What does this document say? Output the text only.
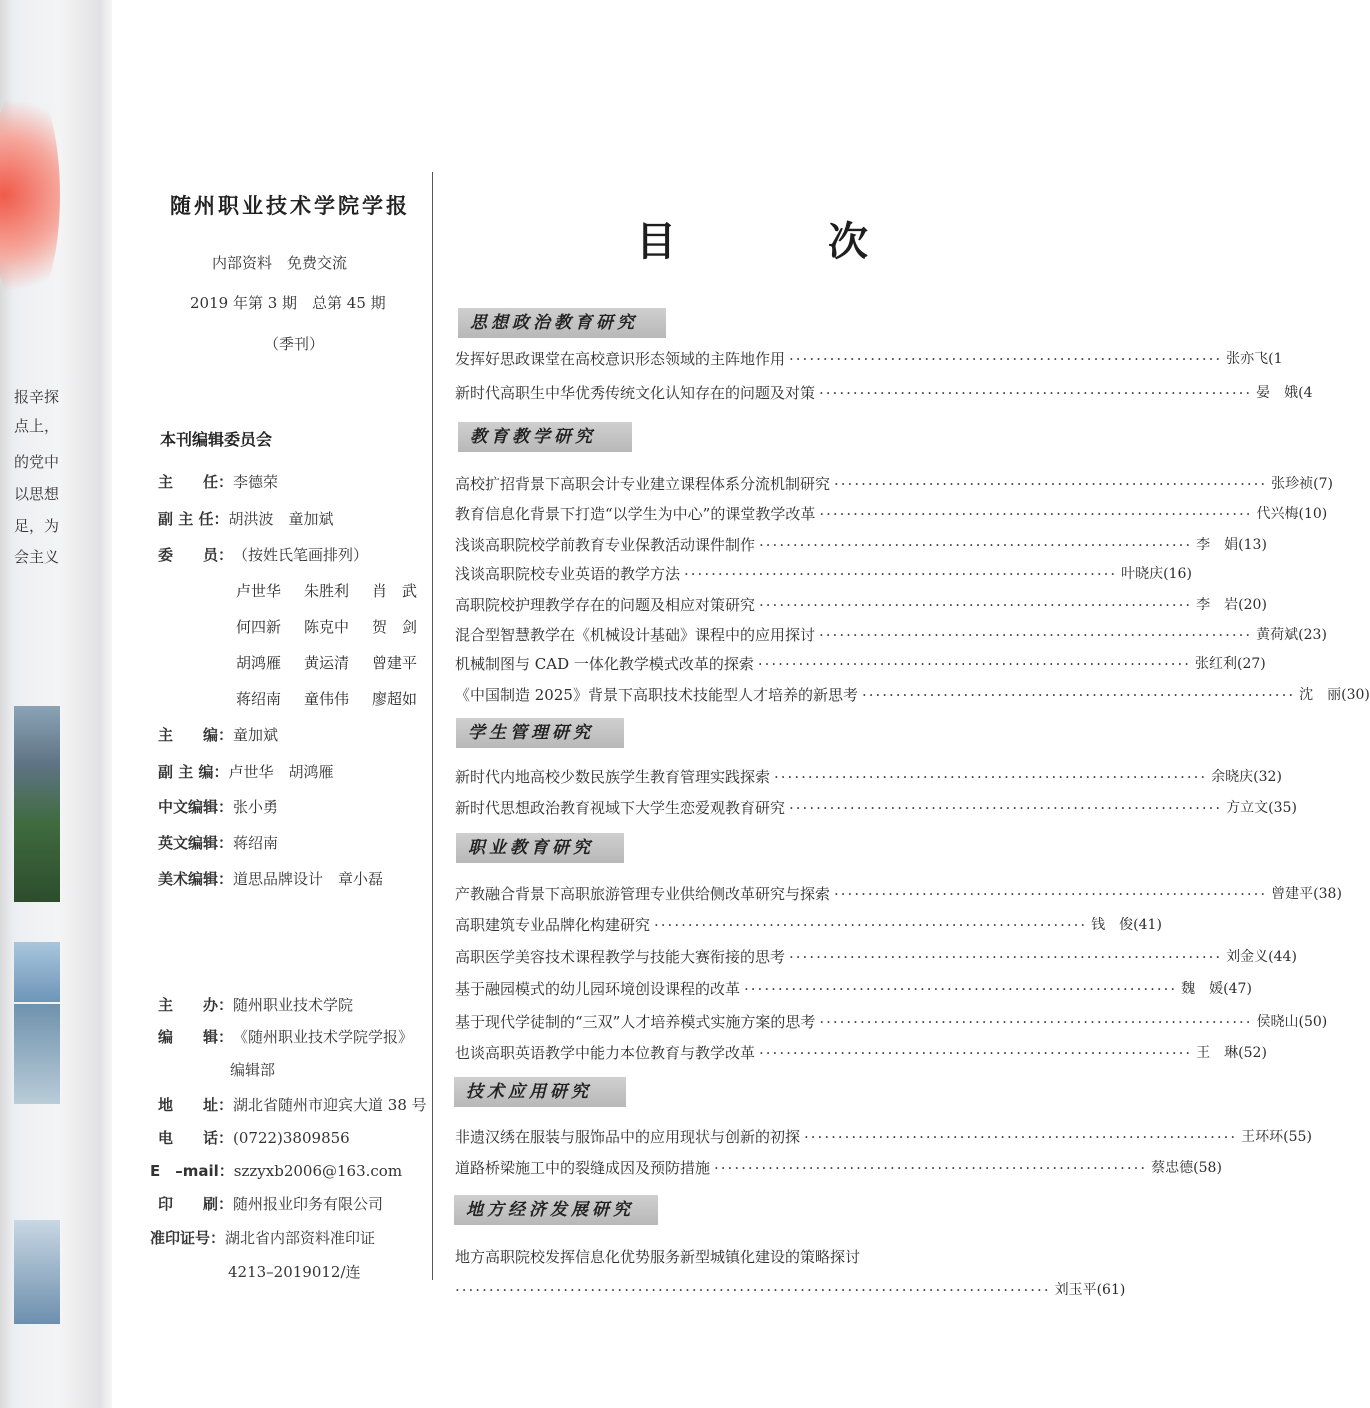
报辛探
点上，
的党中
以思想
足，为
会主义
随州职业技术学院学报
内部资料　免费交流
2019 年第 3 期　总第 45 期
（季刊）
本刊编辑委员会
主　　任：李德荣
副 主 任：胡洪波　童加斌
委　　员：（按姓氏笔画排列）
卢世华 朱胜利 肖　武
何四新 陈克中 贺　剑
胡鸿雁 黄运清 曾建平
蒋绍南 童伟伟 廖超如
主　　编：童加斌
副 主 编：卢世华　胡鸿雁
中文编辑：张小勇
英文编辑：蒋绍南
美术编辑：道思品牌设计　章小磊
主　　办：随州职业技术学院
编　　辑：《随州职业技术学院学报》
编辑部
地　　址：湖北省随州市迎宾大道 38 号
电　　话：(0722)3809856
E　–mail：szzyxb2006@163.com
印　　刷：随州报业印务有限公司
准印证号：湖北省内部资料准印证
4213–2019012/连
目　次
思想政治教育研究
发挥好思政课堂在高校意识形态领域的主阵地作用 ································································ 张亦飞(1
新时代高职生中华优秀传统文化认知存在的问题及对策 ································································ 晏　娥(4
教育教学研究
高校扩招背景下高职会计专业建立课程体系分流机制研究 ································································ 张珍祯(7)
教育信息化背景下打造“以学生为中心”的课堂教学改革 ································································ 代兴梅(10)
浅谈高职院校学前教育专业保教活动课件制作 ································································ 李　娟(13)
浅谈高职院校专业英语的教学方法 ································································ 叶晓庆(16)
高职院校护理教学存在的问题及相应对策研究 ································································ 李　岩(20)
混合型智慧教学在《机械设计基础》课程中的应用探讨 ································································ 黄荷斌(23)
机械制图与 CAD 一体化教学模式改革的探索 ································································ 张红利(27)
《中国制造 2025》背景下高职技术技能型人才培养的新思考 ································································ 沈　丽(30)
学生管理研究
新时代内地高校少数民族学生教育管理实践探索 ································································ 余晓庆(32)
新时代思想政治教育视域下大学生恋爱观教育研究 ································································ 方立文(35)
职业教育研究
产教融合背景下高职旅游管理专业供给侧改革研究与探索 ································································ 曾建平(38)
高职建筑专业品牌化构建研究 ································································ 钱　俊(41)
高职医学美容技术课程教学与技能大赛衔接的思考 ································································ 刘金义(44)
基于融园模式的幼儿园环境创设课程的改革 ································································ 魏　媛(47)
基于现代学徒制的“三双”人才培养模式实施方案的思考 ································································ 侯晓山(50)
也谈高职英语教学中能力本位教育与教学改革 ································································ 王　琳(52)
技术应用研究
非遗汉绣在服装与服饰品中的应用现状与创新的初探 ································································ 王环环(55)
道路桥梁施工中的裂缝成因及预防措施 ································································ 蔡忠德(58)
地方经济发展研究
地方高职院校发挥信息化优势服务新型城镇化建设的策略探讨
························································································ 刘玉平(61)
